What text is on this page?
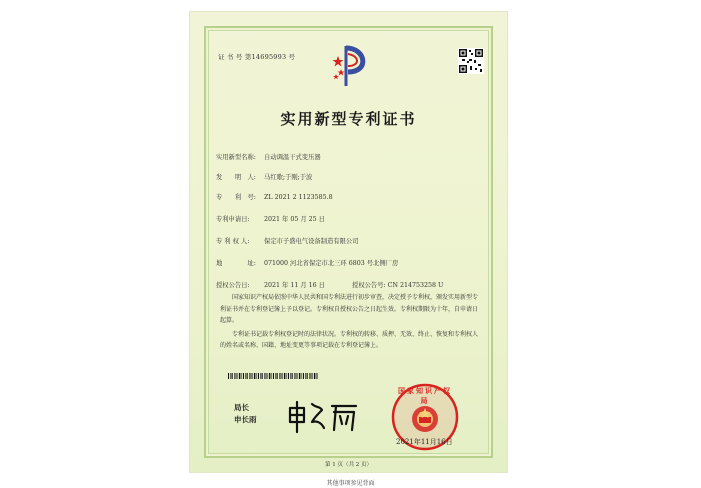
证 书 号 第14695993 号
实用新型专利证书
实用新型名称: 自动调温干式变压器
发　　明　人: 马红歌;于刚;于波
专　　利　号: ZL 2021 2 1123585.8
专利申请日: 2021 年 05 月 25 日
专 利 权 人: 保定市子盛电气设备制造有限公司
地　　　　址: 071000 河北省保定市北三环 6803 号北侧厂房
授权公告日: 2021 年 11 月 16 日	授权公告号: CN 214753258 U

国家知识产权局依照中华人民共和国专利法进行初步审查，决定授予专利权，颁发实用新型专利证书并在专利登记簿上予以登记。专利权自授权公告之日起生效。专利权期限为十年，自申请日起算。

专利证书记载专利权登记时的法律状况。专利权的转移、质押、无效、终止、恢复和专利权人的姓名或名称、国籍、地址变更等事项记载在专利登记簿上。

局长
申长雨
国家知识产权局
2021年11月16日
第 1 页（共 2 页）
其他事项参见背面
